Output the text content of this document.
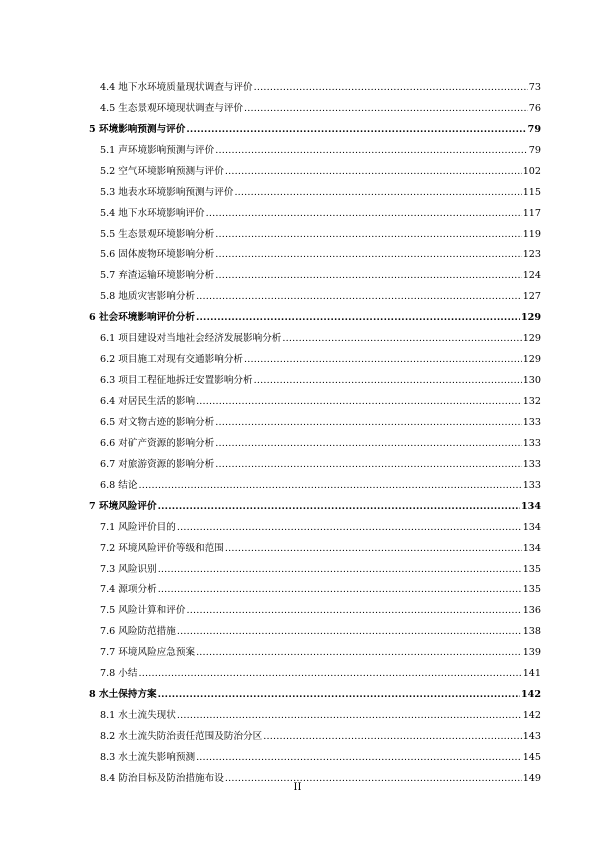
4.4 地下水环境质量现状调查与评价 .....	73
4.5 生态景观环境现状调查与评价 .....	76
5 环境影响预测与评价 .....	79
5.1 声环境影响预测与评价 .....	79
5.2 空气环境影响预测与评价 .....	102
5.3 地表水环境影响预测与评价 .....	115
5.4 地下水环境影响评价 .....	117
5.5 生态景观环境影响分析 .....	119
5.6 固体废物环境影响分析 .....	123
5.7 弃渣运输环境影响分析 .....	124
5.8 地质灾害影响分析 .....	127
6 社会环境影响评价分析 .....	129
6.1 项目建设对当地社会经济发展影响分析 .....	129
6.2 项目施工对现有交通影响分析 .....	129
6.3 项目工程征地拆迁安置影响分析 .....	130
6.4 对居民生活的影响 .....	132
6.5 对文物古迹的影响分析 .....	133
6.6 对矿产资源的影响分析 .....	133
6.7 对旅游资源的影响分析 .....	133
6.8 结论 .....	133
7 环境风险评价 .....	134
7.1 风险评价目的 .....	134
7.2 环境风险评价等级和范围 .....	134
7.3 风险识别 .....	135
7.4 源项分析 .....	135
7.5 风险计算和评价 .....	136
7.6 风险防范措施 .....	138
7.7 环境风险应急预案 .....	139
7.8 小结 .....	141
8 水土保持方案 .....	142
8.1 水土流失现状 .....	142
8.2 水土流失防治责任范围及防治分区 .....	143
8.3 水土流失影响预测 .....	145
8.4 防治目标及防治措施布设 .....	149
II
